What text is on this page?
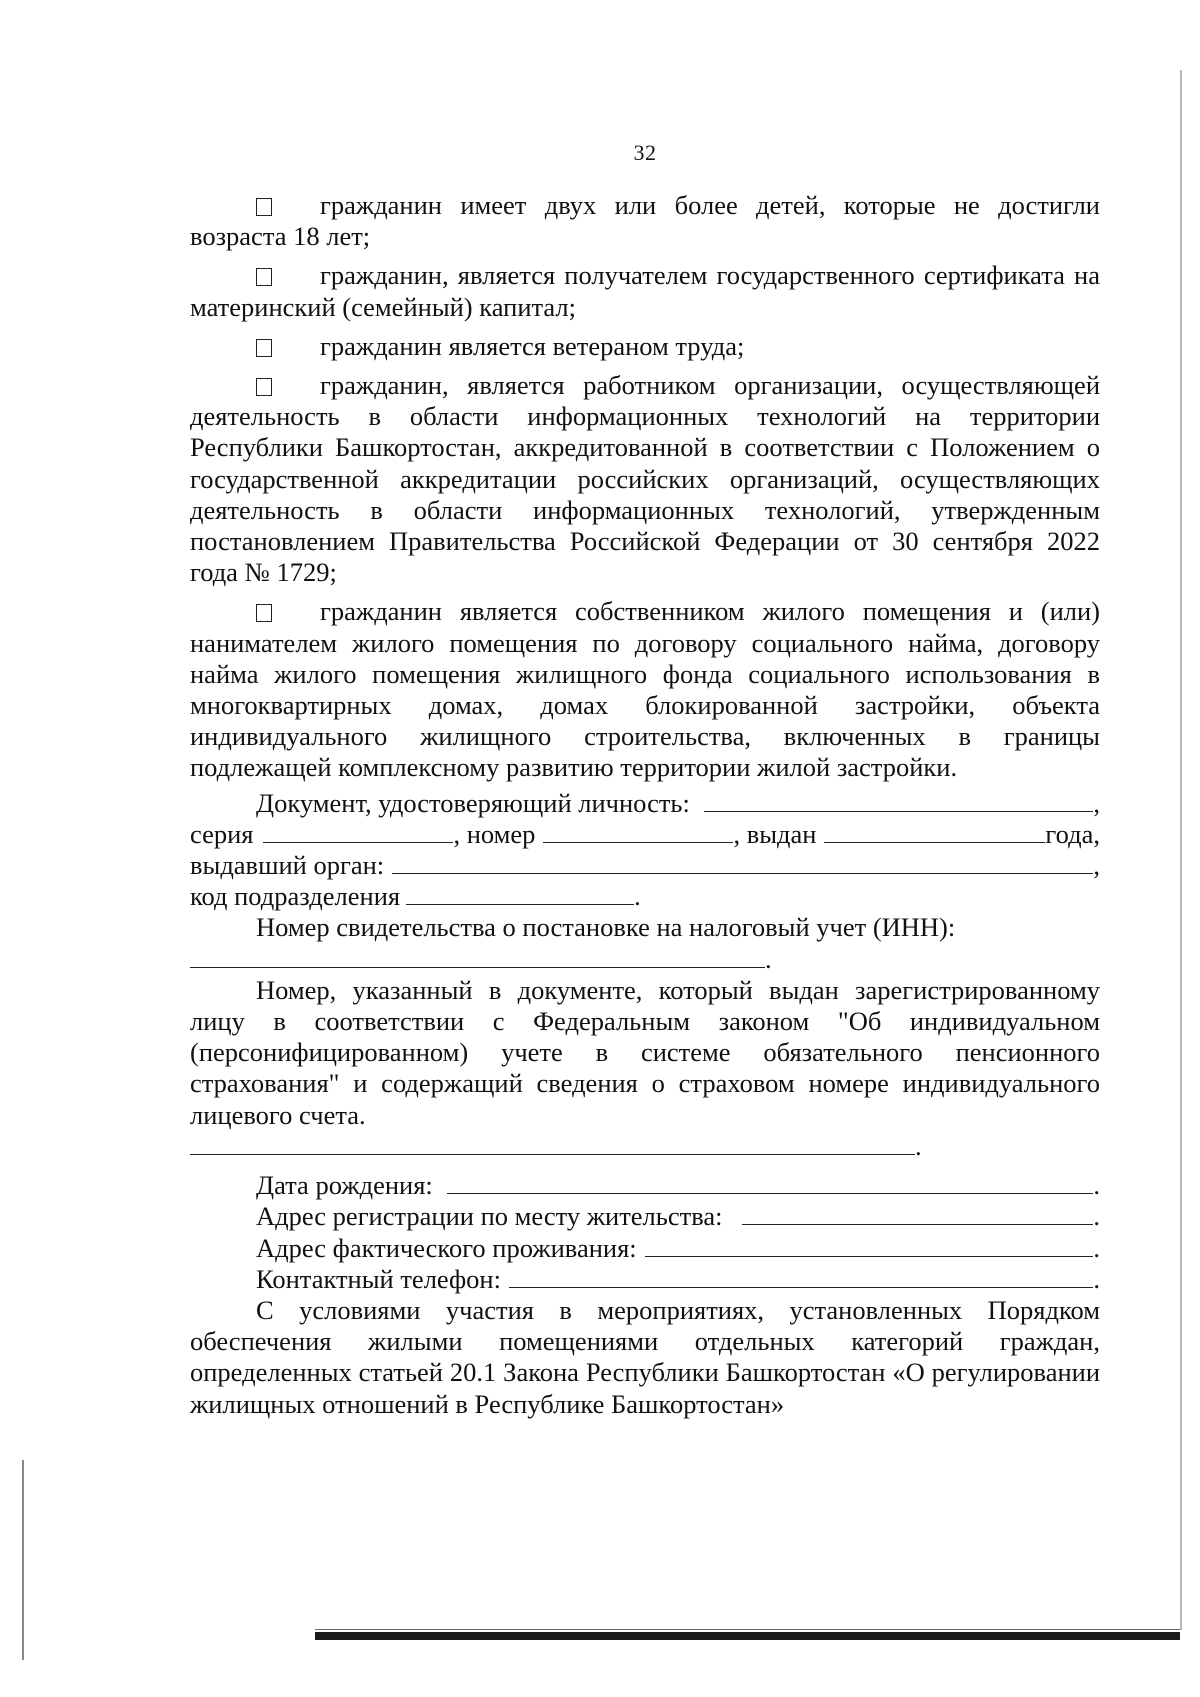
32

гражданин имеет двух или более детей, которые не достигли возраста 18 лет;

гражданин, является получателем государственного сертификата на материнский (семейный) капитал;

гражданин является ветераном труда;

гражданин, является работником организации, осуществляющей деятельность в области информационных технологий на территории Республики Башкортостан, аккредитованной в соответствии с Положением о государственной аккредитации российских организаций, осуществляющих деятельность в области информационных технологий, утвержденным постановлением Правительства Российской Федерации от 30 сентября 2022 года № 1729;

гражданин является собственником жилого помещения и (или) нанимателем жилого помещения по договору социального найма, договору найма жилого помещения жилищного фонда социального использования в многоквартирных домах, домах блокированной застройки, объекта индивидуального жилищного строительства, включенных в границы подлежащей комплексному развитию территории жилой застройки.

Документ, удостоверяющий личность:	,
серия	, номер	, выдан	года,
выдавший орган:	,
код подразделения	.

Номер свидетельства о постановке на налоговый учет (ИНН):

.

Номер, указанный в документе, который выдан зарегистрированному лицу в соответствии с Федеральным законом "Об индивидуальном (персонифицированном) учете в системе обязательного пенсионного страхования" и содержащий сведения о страховом номере индивидуального лицевого счета.

.
Дата рождения:	.
Адрес регистрации по месту жительства:	.
Адрес фактического проживания:	.
Контактный телефон:	.

С условиями участия в мероприятиях, установленных Порядком обеспечения жилыми помещениями отдельных категорий граждан, определенных статьей 20.1 Закона Республики Башкортостан «О регулировании жилищных отношений в Республике Башкортостан»
